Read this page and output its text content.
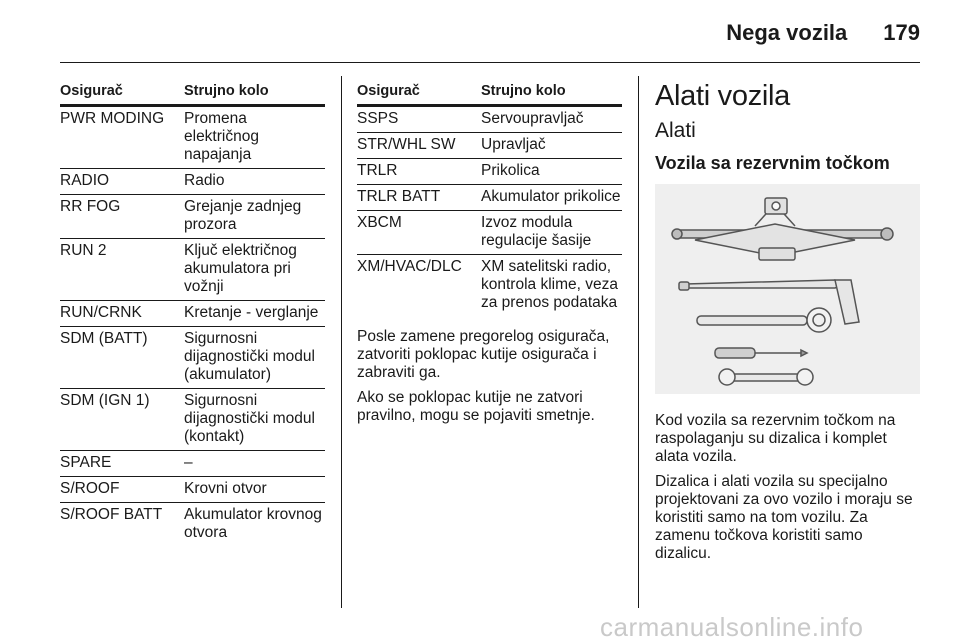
Nega vozila 179
Osigurač	Strujno kolo
PWR MODING	Promena električnog napajanja
RADIO	Radio
RR FOG	Grejanje zadnjeg prozora
RUN 2	Ključ električnog akumulatora pri vožnji
RUN/CRNK	Kretanje - verglanje
SDM (BATT)	Sigurnosni dijagnostički modul (akumulator)
SDM (IGN 1)	Sigurnosni dijagnostički modul (kontakt)
SPARE	–
S/ROOF	Krovni otvor
S/ROOF BATT	Akumulator krovnog otvora
Osigurač	Strujno kolo
SSPS	Servoupravljač
STR/WHL SW	Upravljač
TRLR	Prikolica
TRLR BATT	Akumulator prikolice
XBCM	Izvoz modula regulacije šasije
XM/HVAC/DLC	XM satelitski radio, kontrola klime, veza za prenos podataka

Posle zamene pregorelog osigurača, zatvoriti poklopac kutije osigurača i zabraviti ga.

Ako se poklopac kutije ne zatvori pravilno, mogu se pojaviti smetnje.

Alati vozila
Alati
Vozila sa rezervnim točkom

Kod vozila sa rezervnim točkom na raspolaganju su dizalica i komplet alata vozila.

Dizalica i alati vozila su specijalno projektovani za ovo vozilo i moraju se koristiti samo na tom vozilu. Za zamenu točkova koristiti samo dizalicu.

carmanualsonline.info
